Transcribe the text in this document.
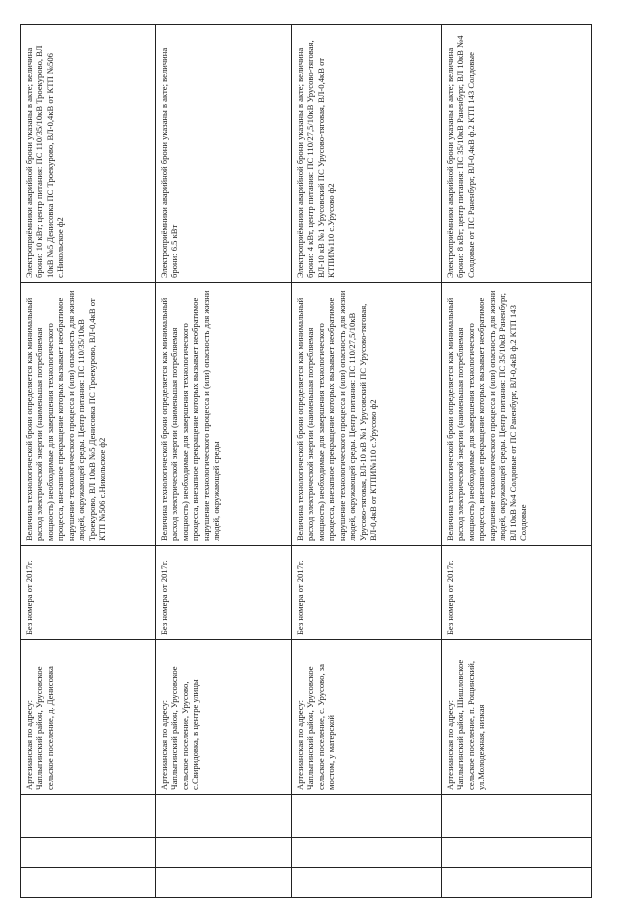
			Артезианская по адресу: Чаплыгинский район, Урусовское сельское поселение, д. Денисовка	Без номера от 2017г.	Величина технологической брони определяется как минимальный расход электрической энергии (наименьшая потребляемая мощность) необходимые для завершения технологического процесса, внезапное прекращение которых вызывает необратимое нарушение технологического процесса и (или) опасность для жизни людей, окружающей среды. Центр питания: ПС 110/35/10кВ Троекурово, ВЛ 10кВ №5 Денисовка ПС Троекурово, ВЛ-0,4кВ от КТП №506 с.Никольское ф2	Электроприёмники аварийной брони указаны в акте; величина брони: 10 кВт; центр питания: ПС 110/35/10кВ Троекурово, ВЛ 10кВ №5 Денисовка ПС Троекурово, ВЛ-0,4кВ от КТП №506 с.Никольское ф2
			Артезианская по адресу: Чаплыгинский район, Урусовское сельское поселение, Урусово, с.Свиридовка, в центре улицы	Без номера от 2017г.	Величина технологической брони определяется как минимальный расход электрической энергии (наименьшая потребляемая мощность) необходимые для завершения технологического процесса, внезапное прекращение которых вызывает необратимое нарушение технологического процесса и (или) опасность для жизни людей, окружающей среды	Электроприёмники аварийной брони указаны в акте; величина брони: 6.5 кВт
			Артезианская по адресу: Чаплыгинский район, Урусовское сельское поселение, с. Урусово, за мостом, у матерской	Без номера от 2017г.	Величина технологической брони определяется как минимальный расход электрической энергии (наименьшая потребляемая мощность) необходимые для завершения технологического процесса, внезапное прекращение которых вызывает необратимое нарушение технологического процесса и (или) опасность для жизни людей, окружающей среды. Центр питания: ПС 110/27,5/10кВ Урусово-тяговая, ВЛ-10 кВ №1 Урусовский ПС Урусово-тяговая, ВЛ-0,4кВ от КТПИ№110 с.Урусово ф2	Электроприёмники аварийной брони указаны в акте; величина брони: 4 кВт, центр питания: ПС 110/27,5/10кВ Урусово-тяговая, ВЛ-10 кВ №1 Урусовский ПС Урусово-тяговая, ВЛ-0,4кВ от КТПИ№110 с.Урусово ф2
			Артезианская по адресу: Чаплыгинский район, Шишловское сельское поселение, п. Рощинский, ул.Молодежная, низкая	Без номера от 2017г.	Величина технологической брони определяется как минимальный расход электрической энергии (наименьшая потребляемая мощность) необходимые для завершения технологического процесса, внезапное прекращение которых вызывает необратимое нарушение технологического процесса и (или) опасность для жизни людей, окружающей среды. Центр питания: ПС 35/10кВ Раненбург, ВЛ 10кВ №4 Солдовые от ПС Раненбург, ВЛ-0,4кВ ф.2 КТП 143 Солдовые	Электроприёмники аварийной брони указаны в акте; величина брони: 8 кВт; центр питания: ПС 35/10кВ Раненбург, ВЛ 10кВ №4 Солдовые от ПС Раненбург, ВЛ-0,4кВ ф.2 КТП 143 Солдовые
